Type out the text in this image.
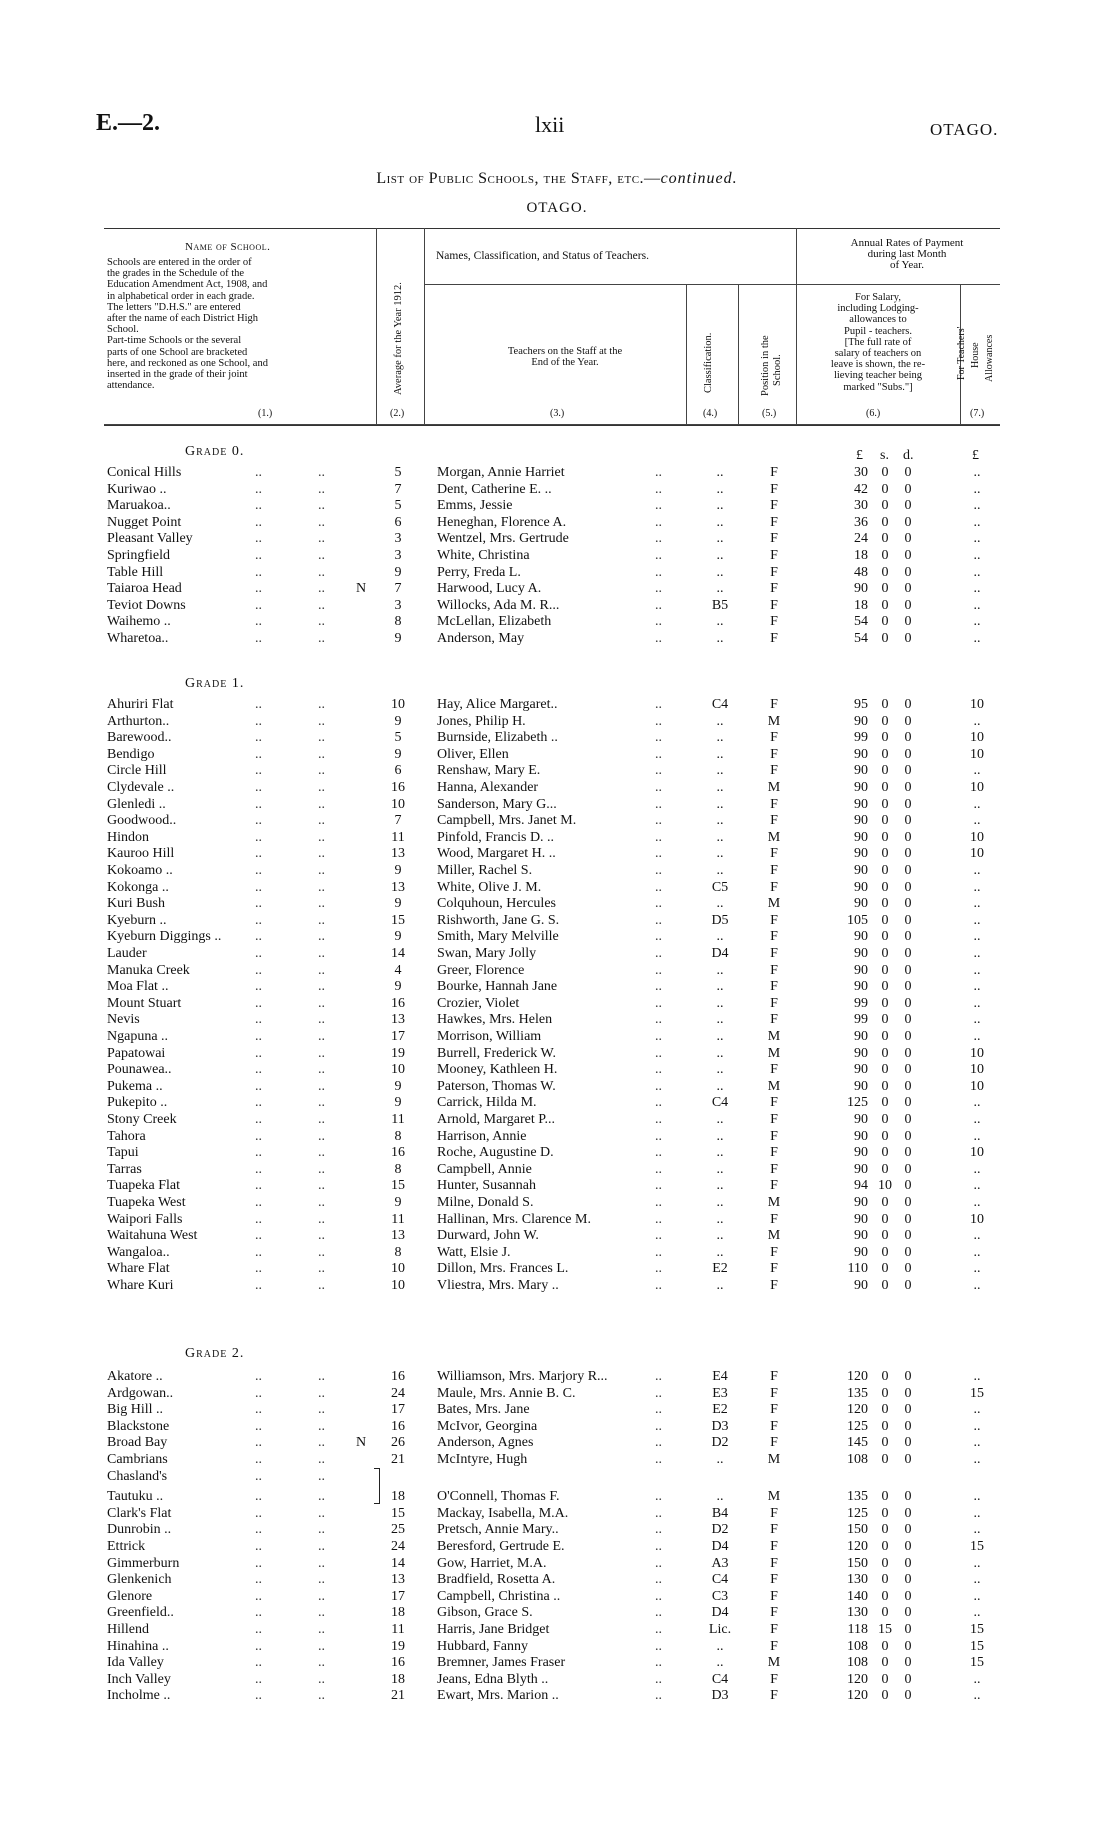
E.—2.	lxii	OTAGO.
List of Public Schools, the Staff, etc.—continued.
OTAGO.
Name of School.
Schools are entered in the order of
the grades in the Schedule of the
Education Amendment Act, 1908, and
in alphabetical order in each grade.
The letters "D.H.S." are entered
after the name of each District High
School.
Part-time Schools or the several
parts of one School are bracketed
here, and reckoned as one School, and
inserted in the grade of their joint
attendance.
(1.)
Average for the Year 1912.
(2.)
Names, Classification, and Status of Teachers.
Teachers on the Staff at the
End of the Year.
(3.)
Classification.
(4.)
Position in the School.
(5.)
Annual Rates of Payment
during last Month
of Year.
For Salary,
including Lodging-
allowances to
Pupil - teachers.
[The full rate of
salary of teachers on
leave is shown, the re-
lieving teacher being
marked "Subs."]
(6.)
For Teachers' House Allowances
(7.)
£ s. d.	£
Grade 0.
Conical Hills	..	..	5	Morgan, Annie Harriet	..	..	F	30 0	0	..
Kuriwao ..	..	..	7	Dent, Catherine E. ..	..	..	F	42 0	0	..
Maruakoa..	..	..	5	Emms, Jessie	..	..	F	30 0	0	..
Nugget Point	..	..	6	Heneghan, Florence A.	..	..	F	36 0	0	..
Pleasant Valley	..	..	3	Wentzel, Mrs. Gertrude	..	..	F	24 0	0	..
Springfield	..	..	3	White, Christina	..	..	F	18 0	0	..
Table Hill	..	..	9	Perry, Freda L.	..	..	F	48 0	0	..
Taiaroa Head	..	.. N	7	Harwood, Lucy A.	..	..	F	90 0	0	..
Teviot Downs	..	..	3	Willocks, Ada M. R...	..	B5	F	18 0	0	..
Waihemo ..	..	..	8	McLellan, Elizabeth	..	..	F	54 0	0	..
Wharetoa..	..	..	9	Anderson, May	..	..	F	54 0	0	..
Grade 1.
Ahuriri Flat	..	..	10	Hay, Alice Margaret..	..	C4	F	95 0	0	10
Arthurton..	..	..	9	Jones, Philip H.	..	..	M	90 0	0	..
Barewood..	..	..	5	Burnside, Elizabeth ..	..	..	F	99 0	0	10
Bendigo	..	..	9	Oliver, Ellen	..	..	F	90 0	0	10
Circle Hill	..	..	6	Renshaw, Mary E.	..	..	F	90 0	0	..
Clydevale ..	..	..	16	Hanna, Alexander	..	..	M	90 0	0	10
Glenledi ..	..	..	10	Sanderson, Mary G...	..	..	F	90 0	0	..
Goodwood..	..	..	7	Campbell, Mrs. Janet M.	..	..	F	90 0	0	..
Hindon	..	..	11	Pinfold, Francis D. ..	..	..	M	90 0	0	10
Kauroo Hill	..	..	13	Wood, Margaret H. ..	..	..	F	90 0	0	10
Kokoamo ..	..	..	9	Miller, Rachel S.	..	..	F	90 0	0	..
Kokonga ..	..	..	13	White, Olive J. M.	..	C5	F	90 0	0	..
Kuri Bush	..	..	9	Colquhoun, Hercules	..	..	M	90 0	0	..
Kyeburn ..	..	..	15	Rishworth, Jane G. S.	..	D5	F	105 0	0	..
Kyeburn Diggings .. ..	..	9	Smith, Mary Melville	..	..	F	90 0	0	..
Lauder	..	..	14	Swan, Mary Jolly	..	D4	F	90 0	0	..
Manuka Creek	..	..	4	Greer, Florence	..	..	F	90 0	0	..
Moa Flat ..	..	..	9	Bourke, Hannah Jane	..	..	F	90 0	0	..
Mount Stuart	..	..	16	Crozier, Violet	..	..	F	99 0	0	..
Nevis	..	..	13	Hawkes, Mrs. Helen	..	..	F	99 0	0	..
Ngapuna ..	..	..	17	Morrison, William	..	..	M	90 0	0	..
Papatowai	..	..	19	Burrell, Frederick W.	..	..	M	90 0	0	10
Pounawea..	..	..	10	Mooney, Kathleen H.	..	..	F	90 0	0	10
Pukema ..	..	..	9	Paterson, Thomas W.	..	..	M	90 0	0	10
Pukepito ..	..	..	9	Carrick, Hilda M.	..	C4	F	125 0	0	..
Stony Creek	..	..	11	Arnold, Margaret P...	..	..	F	90 0	0	..
Tahora	..	..	8	Harrison, Annie	..	..	F	90 0	0	..
Tapui	..	..	16	Roche, Augustine D.	..	..	F	90 0	0	10
Tarras	..	..	8	Campbell, Annie	..	..	F	90 0	0	..
Tuapeka Flat	..	..	15	Hunter, Susannah	..	..	F	94 10 0	..
Tuapeka West	..	..	9	Milne, Donald S.	..	..	M	90 0	0	..
Waipori Falls	..	..	11	Hallinan, Mrs. Clarence M.	..	..	F	90 0	0	10
Waitahuna West	..	..	13	Durward, John W.	..	..	M	90 0	0	..
Wangaloa..	..	..	8	Watt, Elsie J.	..	..	F	90 0	0	..
Whare Flat	..	..	10	Dillon, Mrs. Frances L.	..	E2	F	110 0	0	..
Whare Kuri	..	..	10	Vliestra, Mrs. Mary ..	..	..	F	90 0	0	..
Grade 2.
Akatore ..	..	..	16	Williamson, Mrs. Marjory R...	..	E4	F	120 0	0	..
Ardgowan..	..	..	24	Maule, Mrs. Annie B. C.	..	E3	F	135 0	0	15
Big Hill ..	..	..	17	Bates, Mrs. Jane	..	E2	F	120 0	0	..
Blackstone	..	..	16	McIvor, Georgina	..	D3	F	125 0	0	..
Broad Bay	..	.. N	26	Anderson, Agnes	..	D2	F	145 0	0	..
Cambrians	..	..	21	McIntyre, Hugh	..	..	M	108 0	0	..
Chasland's	..	..
Tautuku ..	..	..	18	O'Connell, Thomas F.	..	..	M	135 0	0	..
Clark's Flat	..	..	15	Mackay, Isabella, M.A.	..	B4	F	125 0	0	..
Dunrobin ..	..	..	25	Pretsch, Annie Mary..	..	D2	F	150 0	0	..
Ettrick	..	..	24	Beresford, Gertrude E.	..	D4	F	120 0	0	15
Gimmerburn	..	..	14	Gow, Harriet, M.A.	..	A3	F	150 0	0	..
Glenkenich	..	..	13	Bradfield, Rosetta A.	..	C4	F	130 0	0	..
Glenore	..	..	17	Campbell, Christina ..	..	C3	F	140 0	0	..
Greenfield..	..	..	18	Gibson, Grace S.	..	D4	F	130 0	0	..
Hillend	..	..	11	Harris, Jane Bridget	..	Lic.	F	118 15 0	15
Hinahina ..	..	..	19	Hubbard, Fanny	..	..	F	108 0	0	15
Ida Valley	..	..	16	Bremner, James Fraser	..	..	M	108 0	0	15
Inch Valley	..	..	18	Jeans, Edna Blyth ..	..	C4	F	120 0	0	..
Incholme ..	..	..	21	Ewart, Mrs. Marion ..	..	D3	F	120 0	0	..
